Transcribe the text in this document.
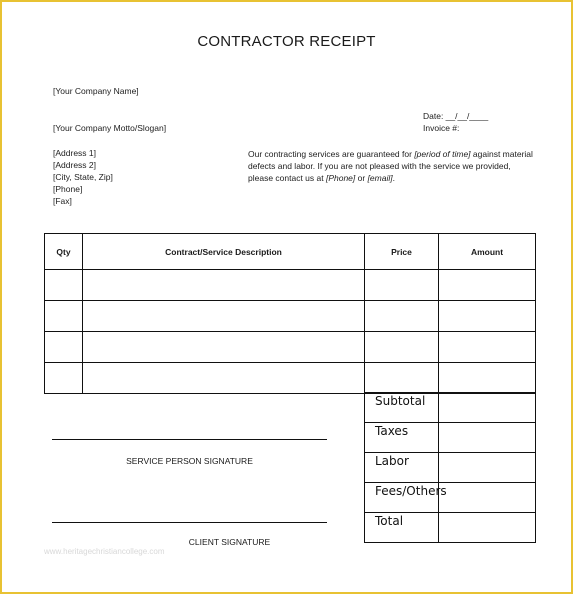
CONTRACTOR RECEIPT
[Your Company Name]
[Your Company Motto/Slogan]
[Address 1]
[Address 2]
[City, State, Zip]
[Phone]
[Fax]
Date: __/__/____
Invoice #:
Our contracting services are guaranteed for [period of time] against material defects and labor. If you are not pleased with the service we provided, please contact us at [Phone] or [email].
Qty	Contract/Service Description	Price	Amount

Subtotal	
Taxes	
Labor	
Fees/Others	
Total	
SERVICE PERSON SIGNATURE
CLIENT SIGNATURE
www.heritagechristiancollege.com
